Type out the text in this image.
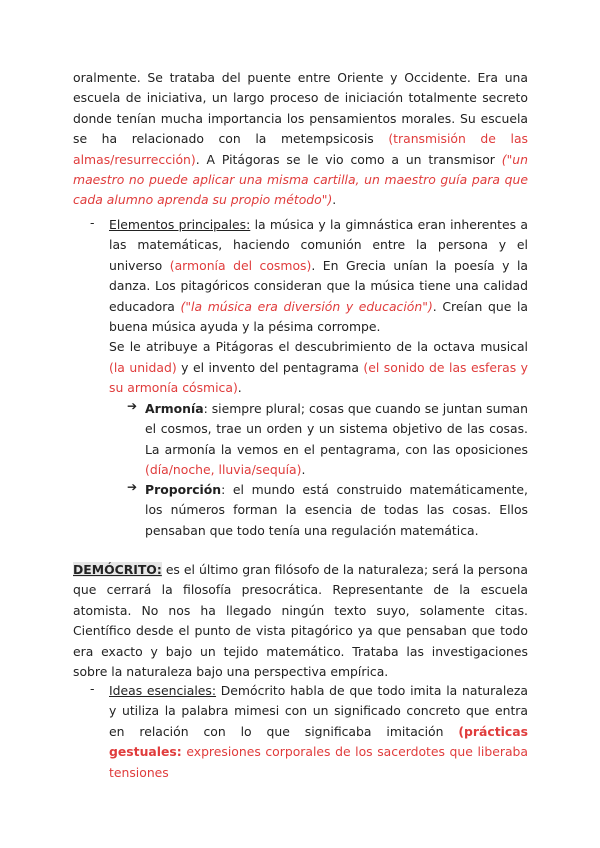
oralmente. Se trataba del puente entre Oriente y Occidente. Era una escuela de iniciativa, un largo proceso de iniciación totalmente secreto donde tenían mucha importancia los pensamientos morales. Su escuela se ha relacionado con la metempsicosis (transmisión de las almas/resurrección). A Pitágoras se le vio como a un transmisor ("un maestro no puede aplicar una misma cartilla, un maestro guía para que cada alumno aprenda su propio método").

- Elementos principales: la música y la gimnástica eran inherentes a las matemáticas, haciendo comunión entre la persona y el universo (armonía del cosmos). En Grecia unían la poesía y la danza. Los pitagóricos consideran que la música tiene una calidad educadora ("la música era diversión y educación"). Creían que la buena música ayuda y la pésima corrompe.

Se le atribuye a Pitágoras el descubrimiento de la octava musical (la unidad) y el invento del pentagrama (el sonido de las esferas y su armonía cósmica).

➔ Armonía: siempre plural; cosas que cuando se juntan suman el cosmos, trae un orden y un sistema objetivo de las cosas. La armonía la vemos en el pentagrama, con las oposiciones (día/noche, lluvia/sequía).

➔ Proporción: el mundo está construido matemáticamente, los números forman la esencia de todas las cosas. Ellos pensaban que todo tenía una regulación matemática.

DEMÓCRITO: es el último gran filósofo de la naturaleza; será la persona que cerrará la filosofía presocrática. Representante de la escuela atomista. No nos ha llegado ningún texto suyo, solamente citas. Científico desde el punto de vista pitagórico ya que pensaban que todo era exacto y bajo un tejido matemático. Trataba las investigaciones sobre la naturaleza bajo una perspectiva empírica.

- Ideas esenciales: Demócrito habla de que todo imita la naturaleza y utiliza la palabra mimesi con un significado concreto que entra en relación con lo que significaba imitación (prácticas gestuales: expresiones corporales de los sacerdotes que liberaba tensiones
